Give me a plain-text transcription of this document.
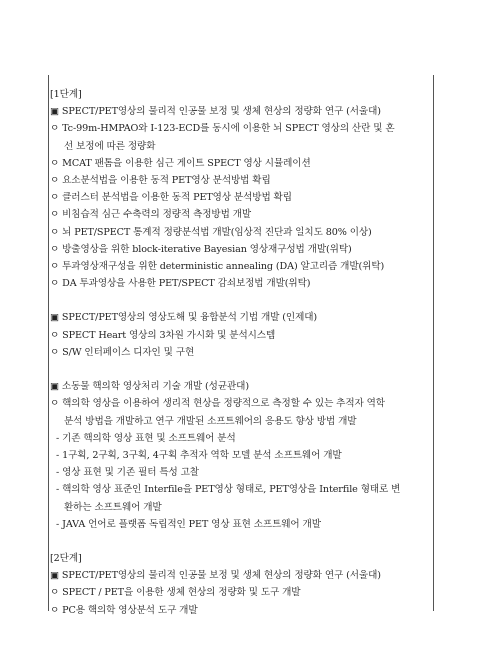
[1단계]
▣ SPECT/PET영상의 물리적 인공물 보정 및 생체 현상의 정량화 연구 (서울대)
ㅇ Tc-99m-HMPAO와 I-123-ECD를 동시에 이용한 뇌 SPECT 영상의 산란 및 혼
선 보정에 따른 정량화
ㅇ MCAT 팬톰을 이용한 심근 게이트 SPECT 영상 시뮬레이션
ㅇ 요소분석법을 이용한 동적 PET영상 분석방법 확립
ㅇ 클러스터 분석법을 이용한 동적 PET영상 분석방법 확립
ㅇ 비침습적 심근 수축력의 정량적 측정방법 개발
ㅇ 뇌 PET/SPECT 통계적 정량분석법 개발(임상적 진단과 일치도 80% 이상)
ㅇ 방출영상을 위한 block-iterative Bayesian 영상재구성법 개발(위탁)
ㅇ 투과영상재구성을 위한 deterministic annealing (DA) 알고리즘 개발(위탁)
ㅇ DA 투과영상을 사용한 PET/SPECT 감쇠보정법 개발(위탁)
▣ SPECT/PET영상의 영상도해 및 융합분석 기법 개발 (인제대)
ㅇ SPECT Heart 영상의 3차원 가시화 및 분석시스템
ㅇ S/W 인터페이스 디자인 및 구현
▣ 소동물 핵의학 영상처리 기술 개발 (성균관대)
ㅇ 핵의학 영상을 이용하여 생리적 현상을 정량적으로 측정할 수 있는 추적자 역학
분석 방법을 개발하고 연구 개발된 소프트웨어의 응용도 향상 방법 개발
- 기존 핵의학 영상 표현 및 소프트웨어 분석
- 1구획, 2구획, 3구획, 4구획 추적자 역학 모델 분석 소프트웨어 개발
- 영상 표현 및 기존 필터 특성 고찰
- 핵의학 영상 표준인 Interfile을 PET영상 형태로, PET영상을 Interfile 형태로 변
환하는 소프트웨어 개발
- JAVA 언어로 플랫폼 독립적인 PET 영상 표현 소프트웨어 개발
[2단계]
▣ SPECT/PET영상의 물리적 인공물 보정 및 생체 현상의 정량화 연구 (서울대)
ㅇ SPECT / PET을 이용한 생체 현상의 정량화 및 도구 개발
ㅇ PC용 핵의학 영상분석 도구 개발
